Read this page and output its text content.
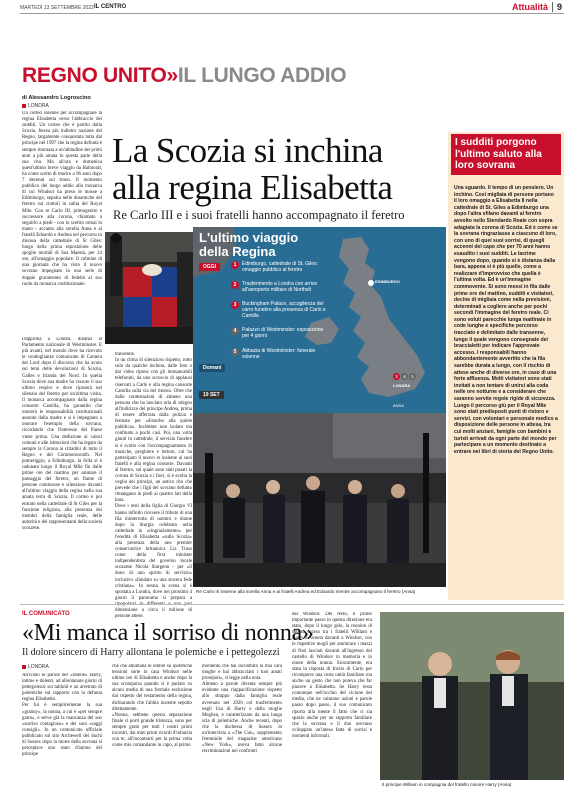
MARTEDÌ 13 SETTEMBRE 2022 IL CENTRO	Attualità 9
REGNO UNITO»IL LUNGO ADDIO
di Alessandro Logroscino
LONDRA
La Scozia si inchina
alla regina Elisabetta
Re Carlo III e i suoi fratelli hanno accompagnato il feretro

Un corteo solenne per accompagnare la regina Elisabetta verso l'abbraccio dei sudditi. Un corteo che è partito dalla Scozia, ferrea più indietro nazione del Regno, largamente conquistata tutta dal principe nel 1997 che la regina defunta è sempre ritornata a un'abitudine dei primi anni a più amata in questa parte della sua vita. Ma all'ora e domenica quest'ultimo breve viaggio da Balmoral, ha come scelto di morire a 96 anni dopo 7 decenni sul trono. Il momento pubblico del lungo addio alla monarca di cui Windsor ha preso le mosse a Edimburgo, sepolta nelle dinamiche del feretro sui ciottoli in salita del Royal Mile. Con re Carlo III, primogenito e successore alla corona, chiamato a seguirlo a piedi - con lo sceltro ormai in mano - accanto alla sorella Anna e ai fratelli Edoardo e Andrea nel percorso in discesa della cattedrale di St Giles: luogo della prima esposizione delle spoglie mortali di Sua Maestà, per 24 ore, all'omaggio popolare. Il culmine di una giornata che ha visto il nuovo sovrano impegnato in una serie di doppie giuramento di fedeltà al suo ruolo da monarca costituzionale.

Dapprima a Londra, dinanzi al Parlamento nazionale di Westminster. E più avanti, nel mondo dove ha ricevuto le condoglianze comunicate di Camera dei Lord dopo il discorso che ha avuto sui temi delle devoluzioni di Scozia, Galles e Irlanda del Nord. In quella Scozia dove sua madre ha vissuto il suo ultimo respiro e dove riposerà nel silenzio del feretro per un'ultima visita. Il monarca accompagnato dalla regina consorte Camilla, ha garantito che onorerà le responsabilità costituzionali assunte dalla madre e si è impegnato a onorare l'esempio della sovrana, ricordando che l'interesse del Paese viene prima. Una dedizione ai valori comuni e alle istituzioni che ha legato da sempre la Corona ai cittadini di tutto il Regno e del Commonwealth. Nel pomeriggio, a Edimburgo, la folla si è radunata lungo il Royal Mile fin dalle prime ore del mattino per salutare il passaggio del feretro, un fiume di persone commosse e silenziose davanti all'ultimo viaggio della regina nella sua amata terra di Scozia. Il corteo è poi entrato nella cattedrale di St Giles per la funzione religiosa, alla presenza dei membri della famiglia reale, delle autorità e dei rappresentanti della società scozzese.

transenne.
In un clima di silenzioso rispetto, rotto solo da qualche inchino, dalle foto o dai video ripresi con gli immancabili telefonini, da uno scroscio di applausi riservati a Carlo e alla regina consorte Camilla sulla via del ritorno. Oltre che dalle contestazioni di almeno una persona che ha lanciato urla di sdegno all'indirizzo del principe Andrea, prima di essere afferrata dalla polizia e fermato per «disturbo alla quiete pubblica». Incidente non isolato ma confinato a pochi casi. Poi, una volta giunti in cattedrale, il servizio funebre si è svolto con l'accompagnamento di musiche, preghiere e letture, cui ha partecipato il nuovo re insieme ai suoi fratelli e alla regina consorte. Davanti al feretro, sul quale sono stati posati la corona di Scozia e i fiori, si è svolta la veglia dei principi, un antico rito che prevede che i figli del sovrano defunto rimangano in piedi ai quattro lati della bara.
Dove i resti della figlia di Giorgio VI hanno infinito ricevere il tributo di una fila ininterrotta di uomini e donne dopo la liturgia celebrata nella cattedrale in «ringraziamento» per l'eredità di Elisabetta «sulla Scozia» alla presenza della neo premier conservatrice britannica Liz Truss come della first minister indipendentista del governo locale scozzese Nicola Sturgeon - per «il dono di uno spirito di servizio» inclusivo «fondato su una sincera fede cristiana». In serata la scena si è spostata a Londra, dove nei prossimi 4 giorni il panorama si prepara a dimensione a circa il milione di persone attese.

L'ultimo viaggio
della Regina
OGGI
Domani
19 SET
1	Edimburgo, cattedrale di St. Giles: omaggio pubblico al feretro
2	Trasferimento a Londra con arrivo all'aeroporto militare di Northolt
3	Buckingham Palace, accoglienza del carro funebre alla presenza di Carlo e Camilla
4	Palazzo di Westminster: esposizione per 4 giorni
5	Abbazia di Westminster: funerale solenne
EDIMBURGO
3	4	5
LONDRA
ANSA
Re Carlo III insieme alla sorella Anna e ai fratelli Andrea ed Edoardo mentre accompagnano il feretro (Ansa)
I sudditi porgono l'ultimo saluto alla loro sovrana
Una sguardo. Il tempo di un pensiero. Un inchino. Così migliaia di persone portano il loro omaggio a Elisabetta II nella cattedrale di St. Giles a Edimburgo una dopo l'altra sfilano davanti al feretro avvolto nello Stendardo Reale con sopra adagiata la corona di Scozia. Ed è come se la sovrana ringraziasse a ciascuno di loro, con uno di quei suoi sorrisi, di quegli accenni del capo che per 70 anni hanno esaudito i suoi sudditi. Le lacrime vengono dopo, quando si è distanza dalla bara, appena si è più quelle, come a realizzare d'improvviso che quella è l'ultima volta. Ed è un'immagine commovente. Si sono messi in fila dalle prime ore del mattino, sudditi e visitatori, decine di migliaia come nella previsioni, determinati a cogliere anche per pochi secondi l'immagine del feretro reale. Ci sono voluti parecchie lunga mattinate in code lunghe e specifiche percorso tracciato e delimitato dalle transenne, lungo il quale vengono consegnate dei braccialetti per indicare l'approvate accesso. I responsabili hanno abbondantemente avvertito che la fila sarebbe durata a lungo, con il rischio di attese anche di diverse ore, in caso di una forte affluenza. Molti visitatori sono stati invitati a non tentare di unirsi alla coda nelle ore notturne e a considerare che saranno servite regole rigide di sicurezza. Lungo il percorso giù per il Royal Mile sono stati predisposti punti di ristoro e servizi, con volontari e personale medico a disposizione delle persone in attesa, tra cui molti anziani, famiglie con bambini e turisti arrivati da ogni parte del mondo per partecipare a un momento destinato a entrare nei libri di storia del Regno Unito.
IL COMUNICATO
«Mi manca il sorriso di nonna»
Il dolore sincero di Harry allontana le polemiche e i pettegolezzi
LONDRA

Arrivano le parole del «ribelle» Harry, intime e dolenti, ad allontanare giorni di pettegolezzi sui tabloid e un arretrato di polemiche sul rapporto con la defunta regina Elisabetta.
Per lui è semplicemente la sua «granny», la nonna, a cui è «per sempre grato», e serve già la mancanza del suo «sorriso contagioso» e dei suoi «saggi consigli». In un comunicato ufficiale pubblicato sul sito Archewell dei duchi di Sussex dopo la morte della sovrana si percepisce uno stato d'animo del principe

che che allontana le ombre su ipotetiche tensioni sorte in casa Windsor nelle ultime ore di Elisabetta e anche dopo la sua scomparsa quando si è parlato su alcuni media di una formale esclusione dal rispetto del testamento della regina, dichiarando che l'abbia insieme sepolto direttamente.
«Nonna, sebbene questa separazione finale ci porti grande tristezza, sono per sempre grato per tutti i nostri primi incontri, dai miei primi ricordi d'infanzia con te, all'incontrarti per la prima volta come mio comandante in capo, al primo

momento che hai incontrato la mia cara moglie e hai abbracciato i tuoi amati pronipoti», si legge nella nota.
Almeno a parole diventa sempre più evidente una riappacificazione rispetto allo strappo dalla famiglia reale avvenuto nel 2020 col trasferimento negli Usa di Harry e della moglie Meghan, e caratterizzato da una lunga scia di polemiche. Anche recenti, dopo che la duchessa di Sussex in un'intervista a «The Cut», supplemento femminile del magazine americano «New York», aveva fatto alcune recriminazioni nei confronti

dei Windsor. Del resto, il primo importante passo in questa direzione era stato, dopo il lungo gelo, la reunion di sabato scorso tra i fratelli William e Harry avvenuta davanti a Windsor, con le rispettive mogli per ammirare i mazzi di fiori lasciati davanti all'ingresso del castello di Windsor in memoria e in onore della nonna. Sicuramente, era stata la risposta di Invito di Carlo per ricomporre una certa unità familiare ma anche un gesto che non poteva che far piacere a Elisabetta. Se Harry resta comunque nell'occhio del ciclone dei media, che ne valutano azioni e parole passo dopo passo, il suo comunicato riporta alla mente il fatto che ci sia spazio anche per un rapporto familiare che la sovrana e il duo avevano sviluppato un'intesa fatta di sorrisi e momenti informali.

Il principe William in compagnia del fratello minore Harry (Ansa)
